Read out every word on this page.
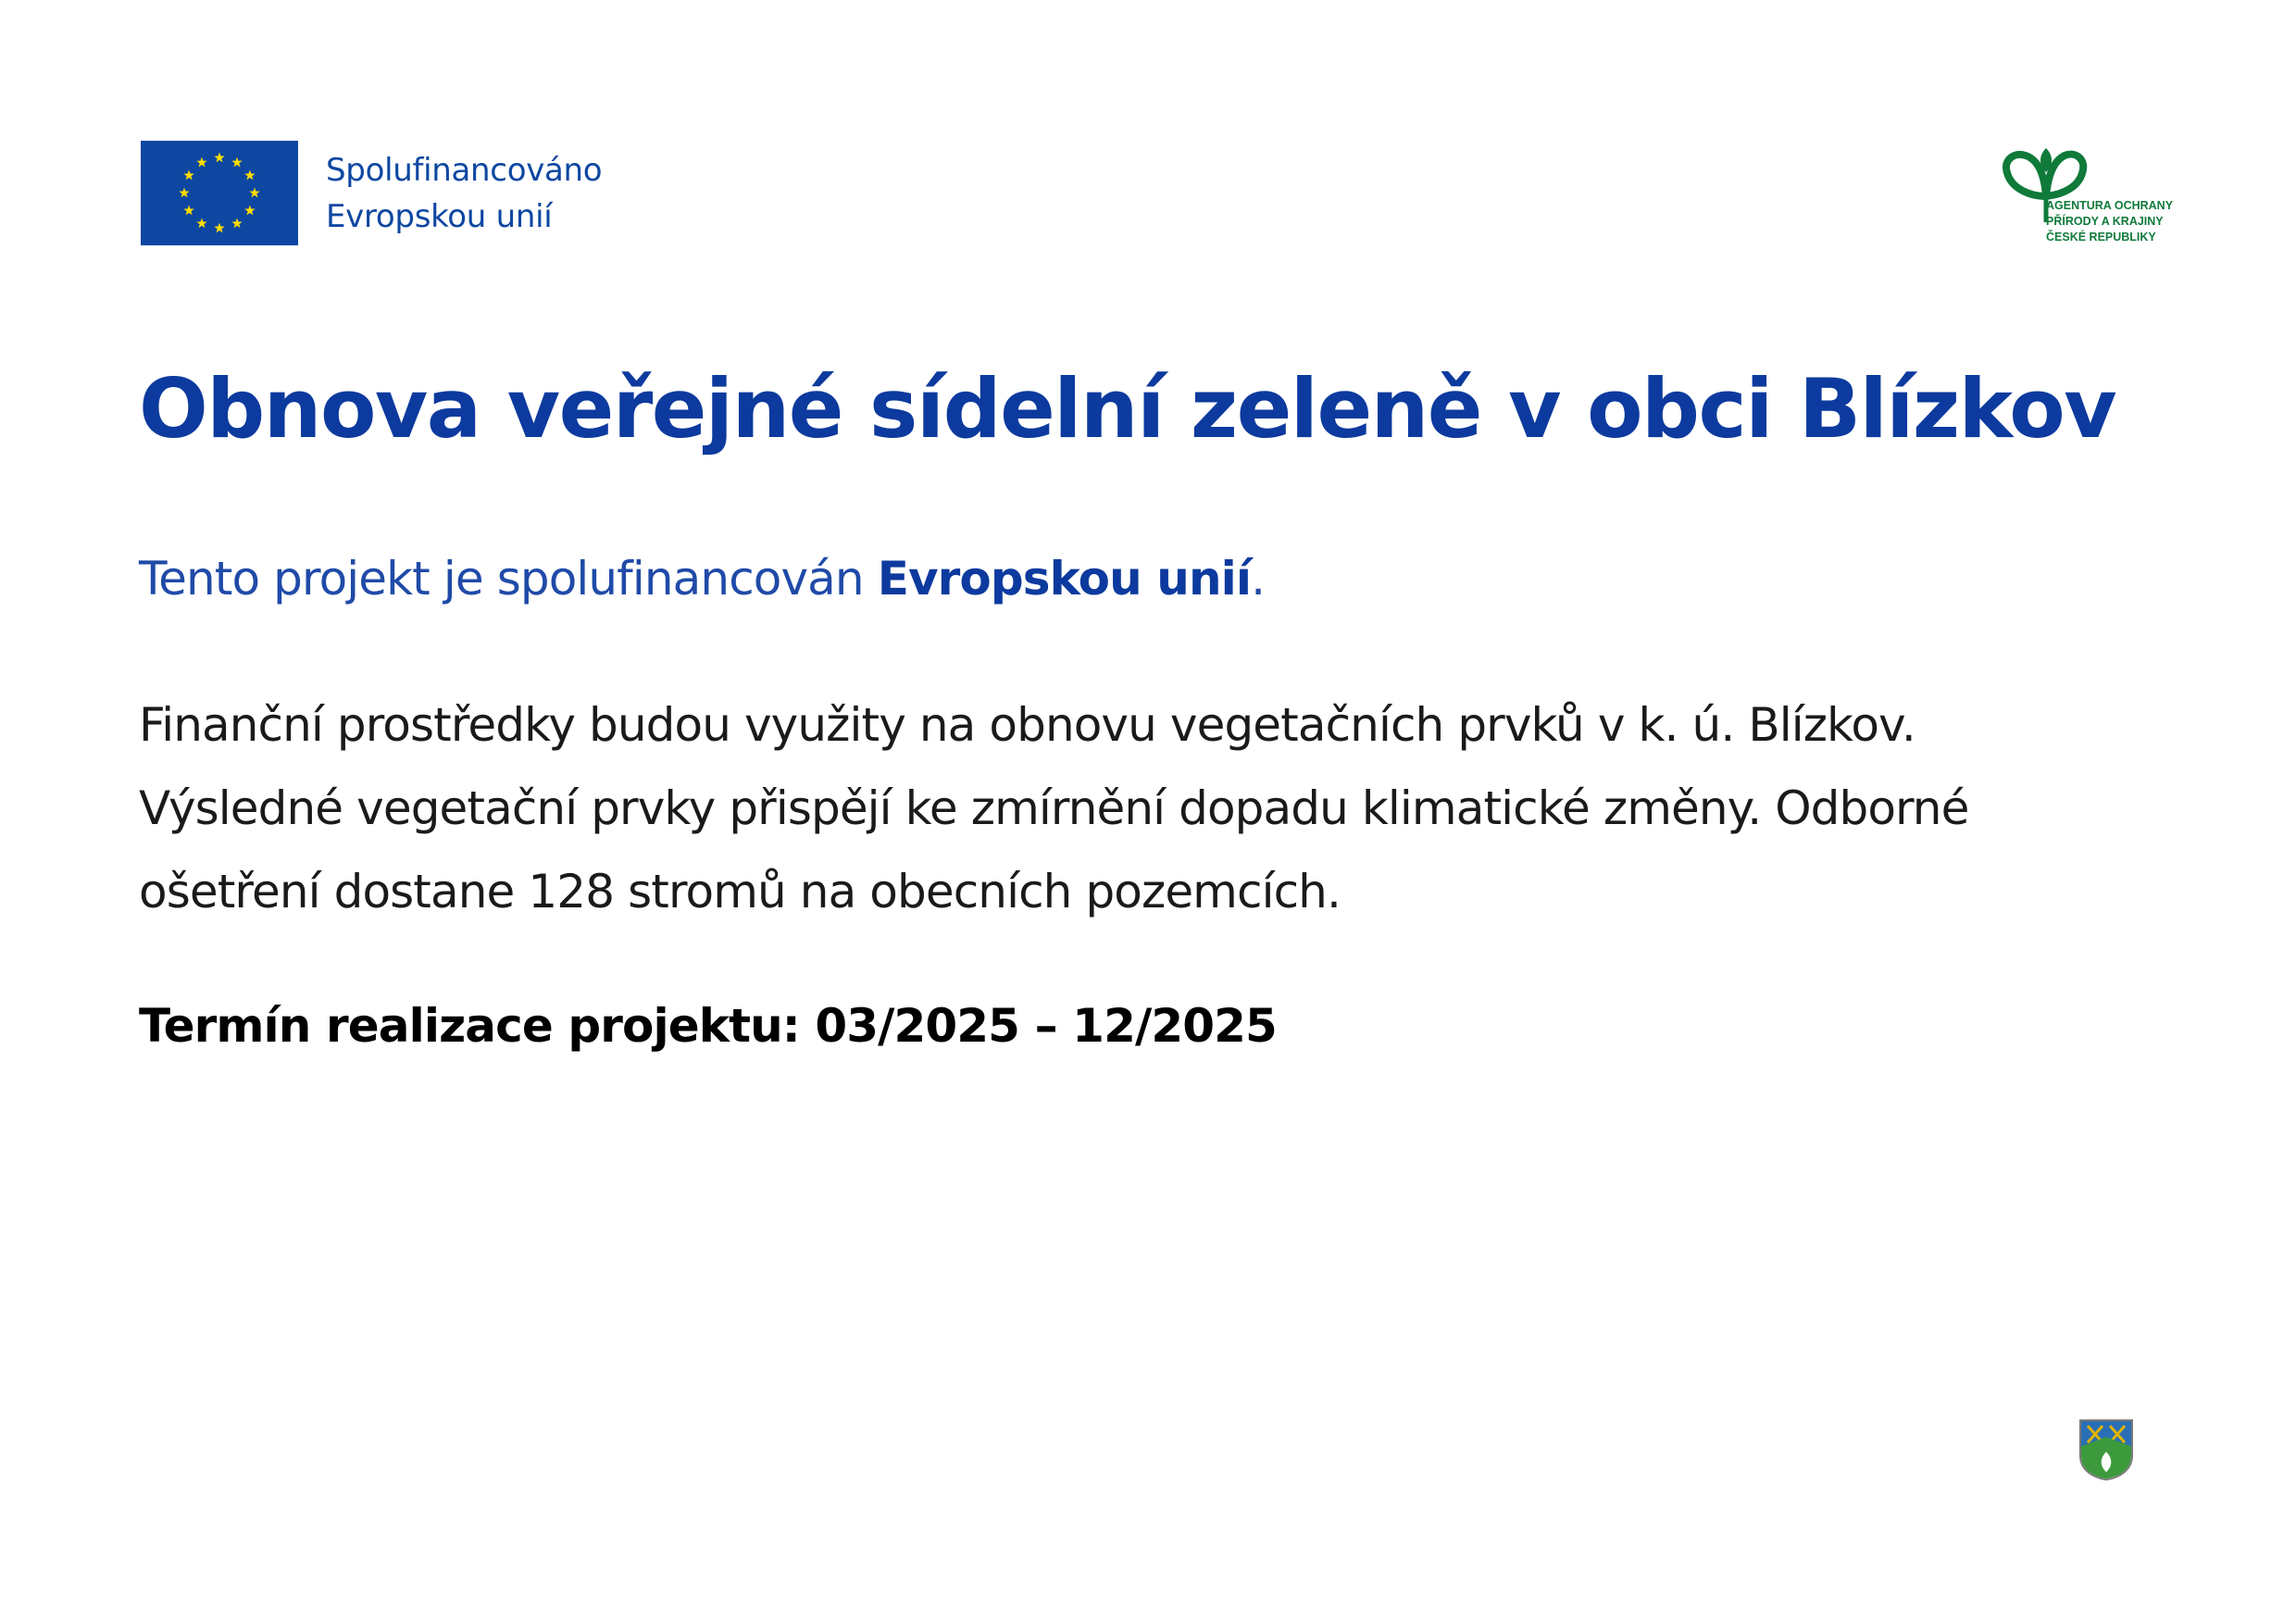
Spolufinancováno
Evropskou unií	AGENTURA OCHRANY
PŘÍRODY A KRAJINY
ČESKÉ REPUBLIKY
Obnova veřejné sídelní zeleně v obci Blízkov

Tento projekt je spolufinancován Evropskou unií.

Finanční prostředky budou využity na obnovu vegetačních prvků v k. ú. Blízkov.
Výsledné vegetační prvky přispějí ke zmírnění dopadu klimatické změny. Odborné
ošetření dostane 128 stromů na obecních pozemcích.

Termín realizace projektu: 03/2025 – 12/2025
